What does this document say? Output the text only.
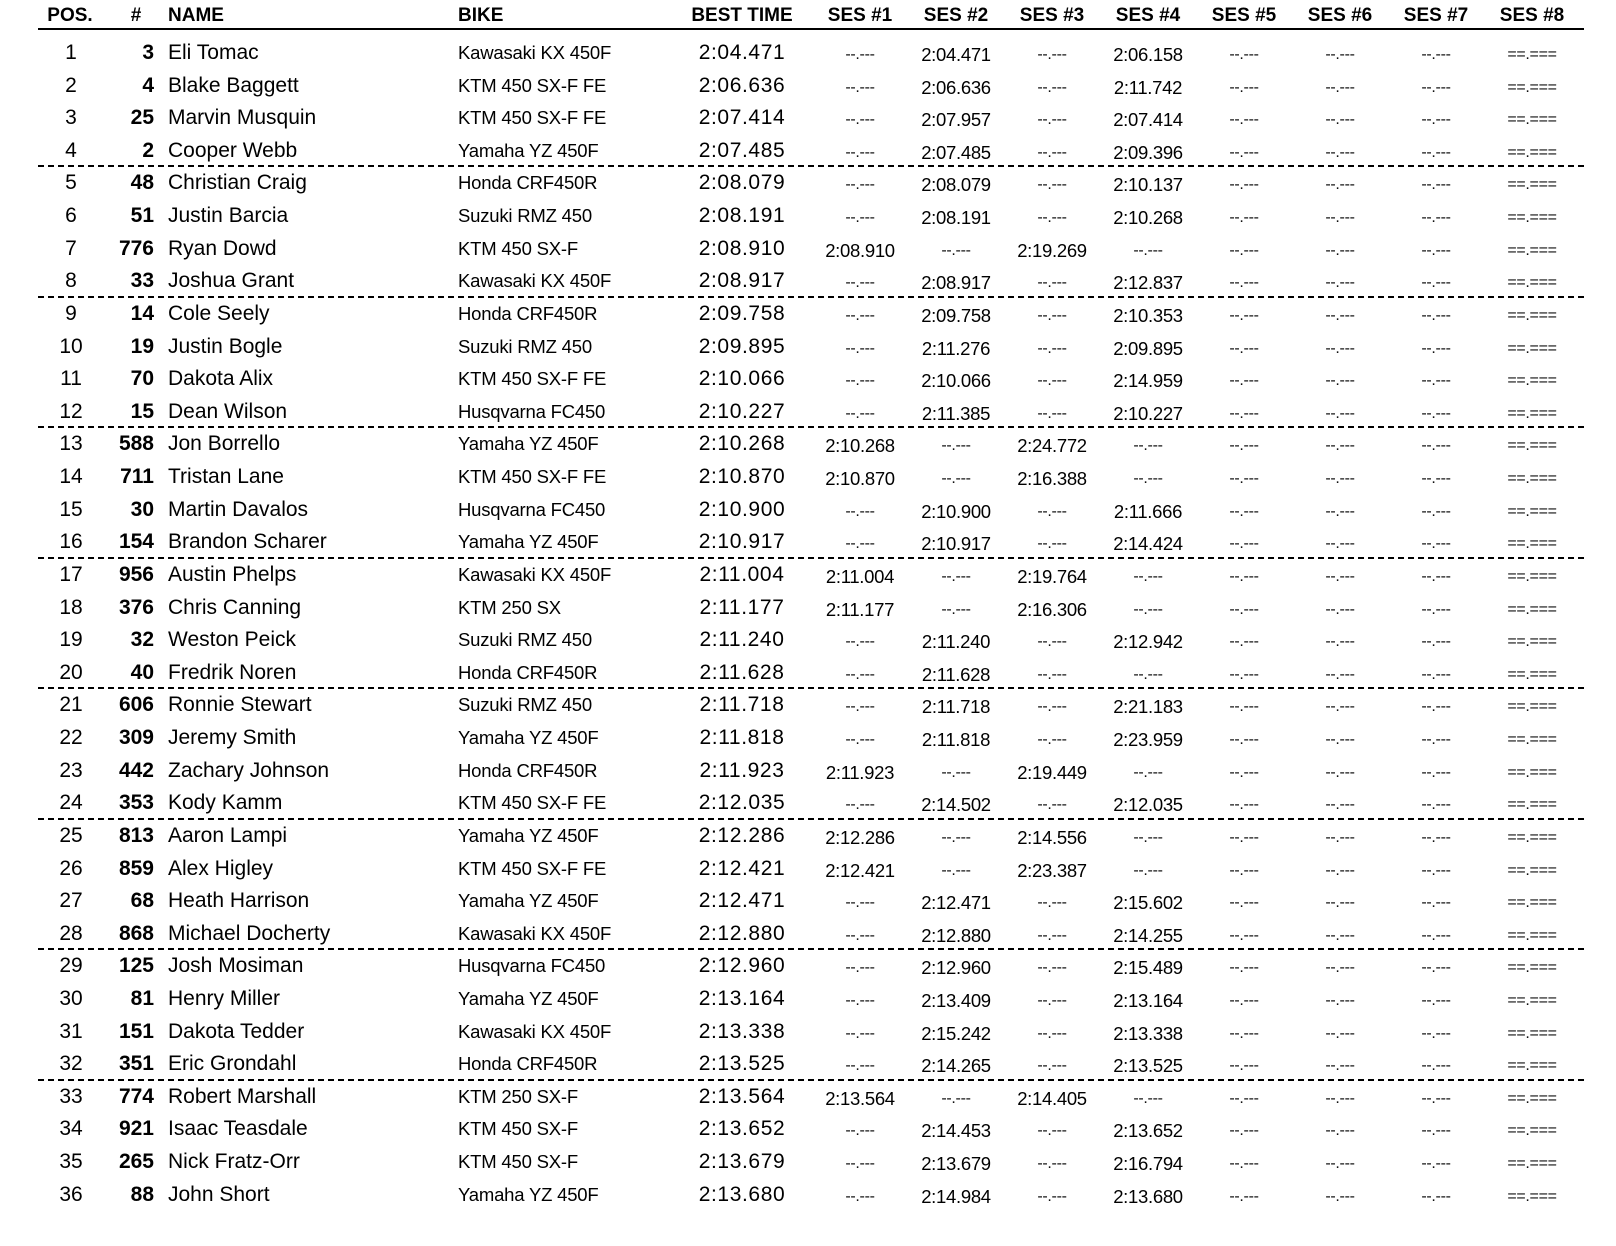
POS. # NAME	BIKE	BEST TIME	SES #1	SES #2	SES #3	SES #4	SES #5	SES #6	SES #7	SES #8
1	3 Eli Tomac	Kawasaki KX 450F	2:04.471	--.---	2:04.471	--.---	2:06.158	--.---	--.---	--.---	==.===
2	4 Blake Baggett	KTM 450 SX-F FE	2:06.636	--.---	2:06.636	--.---	2:11.742	--.---	--.---	--.---	==.===
3	25 Marvin Musquin	KTM 450 SX-F FE	2:07.414	--.---	2:07.957	--.---	2:07.414	--.---	--.---	--.---	==.===
4	2 Cooper Webb	Yamaha YZ 450F	2:07.485	--.---	2:07.485	--.---	2:09.396	--.---	--.---	--.---	==.===
5	48 Christian Craig	Honda CRF450R	2:08.079	--.---	2:08.079	--.---	2:10.137	--.---	--.---	--.---	==.===
6	51 Justin Barcia	Suzuki RMZ 450	2:08.191	--.---	2:08.191	--.---	2:10.268	--.---	--.---	--.---	==.===
7	776 Ryan Dowd	KTM 450 SX-F	2:08.910	2:08.910	--.---	2:19.269	--.---	--.---	--.---	--.---	==.===
8	33 Joshua Grant	Kawasaki KX 450F	2:08.917	--.---	2:08.917	--.---	2:12.837	--.---	--.---	--.---	==.===
9	14 Cole Seely	Honda CRF450R	2:09.758	--.---	2:09.758	--.---	2:10.353	--.---	--.---	--.---	==.===
10	19 Justin Bogle	Suzuki RMZ 450	2:09.895	--.---	2:11.276	--.---	2:09.895	--.---	--.---	--.---	==.===
11	70 Dakota Alix	KTM 450 SX-F FE	2:10.066	--.---	2:10.066	--.---	2:14.959	--.---	--.---	--.---	==.===
12	15 Dean Wilson	Husqvarna FC450	2:10.227	--.---	2:11.385	--.---	2:10.227	--.---	--.---	--.---	==.===
13	588 Jon Borrello	Yamaha YZ 450F	2:10.268	2:10.268	--.---	2:24.772	--.---	--.---	--.---	--.---	==.===
14	711 Tristan Lane	KTM 450 SX-F FE	2:10.870	2:10.870	--.---	2:16.388	--.---	--.---	--.---	--.---	==.===
15	30 Martin Davalos	Husqvarna FC450	2:10.900	--.---	2:10.900	--.---	2:11.666	--.---	--.---	--.---	==.===
16	154 Brandon Scharer	Yamaha YZ 450F	2:10.917	--.---	2:10.917	--.---	2:14.424	--.---	--.---	--.---	==.===
17	956 Austin Phelps	Kawasaki KX 450F	2:11.004	2:11.004	--.---	2:19.764	--.---	--.---	--.---	--.---	==.===
18	376 Chris Canning	KTM 250 SX	2:11.177	2:11.177	--.---	2:16.306	--.---	--.---	--.---	--.---	==.===
19	32 Weston Peick	Suzuki RMZ 450	2:11.240	--.---	2:11.240	--.---	2:12.942	--.---	--.---	--.---	==.===
20	40 Fredrik Noren	Honda CRF450R	2:11.628	--.---	2:11.628	--.---	--.---	--.---	--.---	--.---	==.===
21	606 Ronnie Stewart	Suzuki RMZ 450	2:11.718	--.---	2:11.718	--.---	2:21.183	--.---	--.---	--.---	==.===
22	309 Jeremy Smith	Yamaha YZ 450F	2:11.818	--.---	2:11.818	--.---	2:23.959	--.---	--.---	--.---	==.===
23	442 Zachary Johnson	Honda CRF450R	2:11.923	2:11.923	--.---	2:19.449	--.---	--.---	--.---	--.---	==.===
24	353 Kody Kamm	KTM 450 SX-F FE	2:12.035	--.---	2:14.502	--.---	2:12.035	--.---	--.---	--.---	==.===
25	813 Aaron Lampi	Yamaha YZ 450F	2:12.286	2:12.286	--.---	2:14.556	--.---	--.---	--.---	--.---	==.===
26	859 Alex Higley	KTM 450 SX-F FE	2:12.421	2:12.421	--.---	2:23.387	--.---	--.---	--.---	--.---	==.===
27	68 Heath Harrison	Yamaha YZ 450F	2:12.471	--.---	2:12.471	--.---	2:15.602	--.---	--.---	--.---	==.===
28	868 Michael Docherty	Kawasaki KX 450F	2:12.880	--.---	2:12.880	--.---	2:14.255	--.---	--.---	--.---	==.===
29	125 Josh Mosiman	Husqvarna FC450	2:12.960	--.---	2:12.960	--.---	2:15.489	--.---	--.---	--.---	==.===
30	81 Henry Miller	Yamaha YZ 450F	2:13.164	--.---	2:13.409	--.---	2:13.164	--.---	--.---	--.---	==.===
31	151 Dakota Tedder	Kawasaki KX 450F	2:13.338	--.---	2:15.242	--.---	2:13.338	--.---	--.---	--.---	==.===
32	351 Eric Grondahl	Honda CRF450R	2:13.525	--.---	2:14.265	--.---	2:13.525	--.---	--.---	--.---	==.===
33	774 Robert Marshall	KTM 250 SX-F	2:13.564	2:13.564	--.---	2:14.405	--.---	--.---	--.---	--.---	==.===
34	921 Isaac Teasdale	KTM 450 SX-F	2:13.652	--.---	2:14.453	--.---	2:13.652	--.---	--.---	--.---	==.===
35	265 Nick Fratz-Orr	KTM 450 SX-F	2:13.679	--.---	2:13.679	--.---	2:16.794	--.---	--.---	--.---	==.===
36	88 John Short	Yamaha YZ 450F	2:13.680	--.---	2:14.984	--.---	2:13.680	--.---	--.---	--.---	==.===
